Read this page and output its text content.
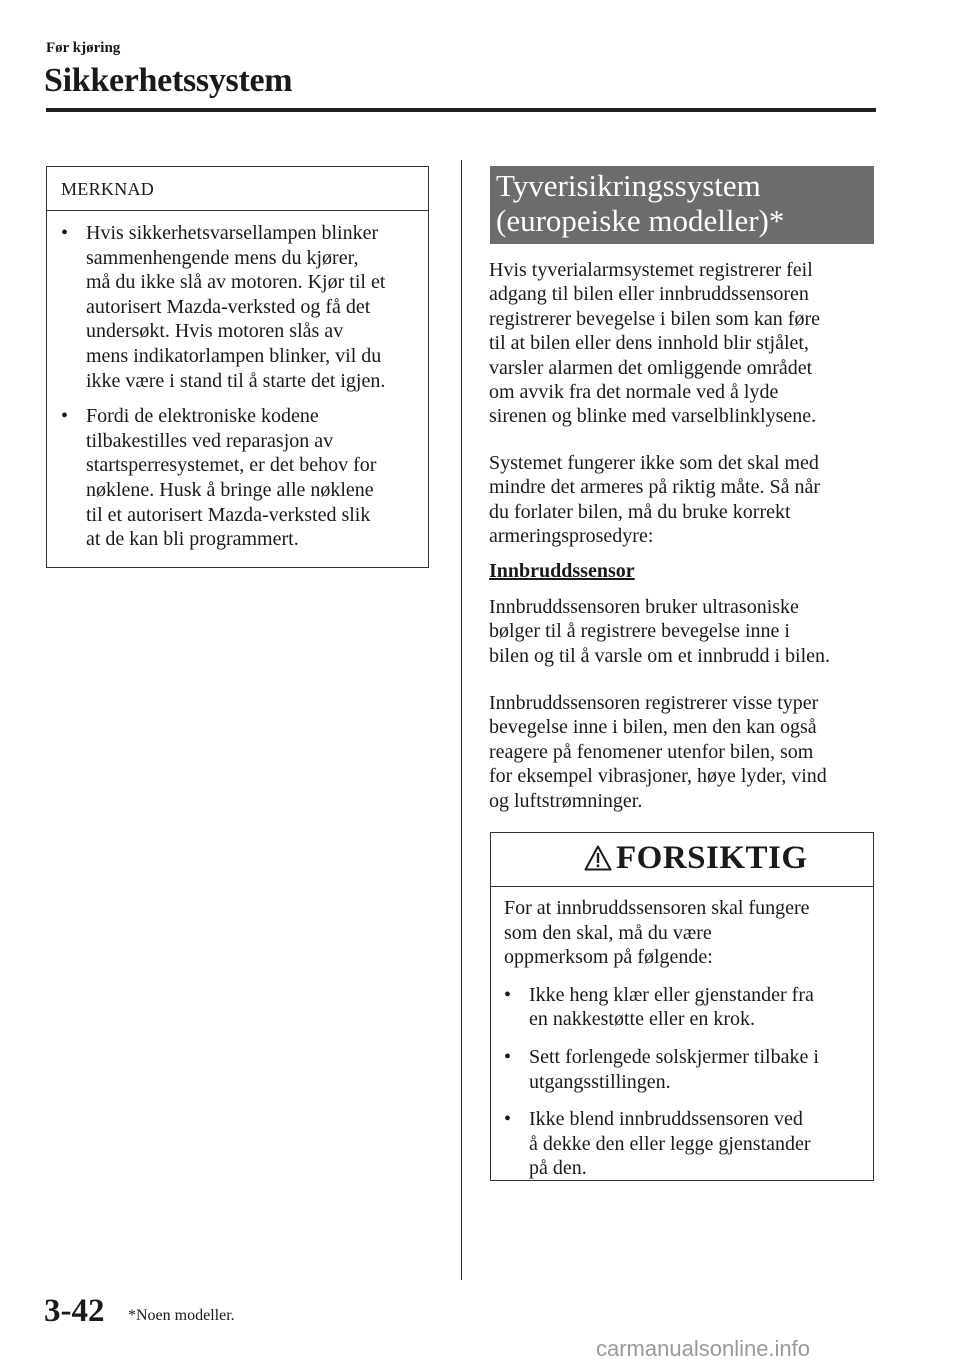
Før kjøring
Sikkerhetssystem
MERKNAD
• Hvis sikkerhetsvarsellampen blinker
sammenhengende mens du kjører,
må du ikke slå av motoren. Kjør til et
autorisert Mazda-verksted og få det
undersøkt. Hvis motoren slås av
mens indikatorlampen blinker, vil du
ikke være i stand til å starte det igjen.
• Fordi de elektroniske kodene
tilbakestilles ved reparasjon av
startsperresystemet, er det behov for
nøklene. Husk å bringe alle nøklene
til et autorisert Mazda-verksted slik
at de kan bli programmert.
Tyverisikringssystem
(europeiske modeller)*
Hvis tyverialarmsystemet registrerer feil
adgang til bilen eller innbruddssensoren
registrerer bevegelse i bilen som kan føre
til at bilen eller dens innhold blir stjålet,
varsler alarmen det omliggende området
om avvik fra det normale ved å lyde
sirenen og blinke med varselblinklysene.
Systemet fungerer ikke som det skal med
mindre det armeres på riktig måte. Så når
du forlater bilen, må du bruke korrekt
armeringsprosedyre:
Innbruddssensor
Innbruddssensoren bruker ultrasoniske
bølger til å registrere bevegelse inne i
bilen og til å varsle om et innbrudd i bilen.
Innbruddssensoren registrerer visse typer
bevegelse inne i bilen, men den kan også
reagere på fenomener utenfor bilen, som
for eksempel vibrasjoner, høye lyder, vind
og luftstrømninger.
FORSIKTIG
For at innbruddssensoren skal fungere
som den skal, må du være
oppmerksom på følgende:
• Ikke heng klær eller gjenstander fra
en nakkestøtte eller en krok.
• Sett forlengede solskjermer tilbake i
utgangsstillingen.
• Ikke blend innbruddssensoren ved
å dekke den eller legge gjenstander
på den.
3-42 *Noen modeller.
carmanualsonline.info
